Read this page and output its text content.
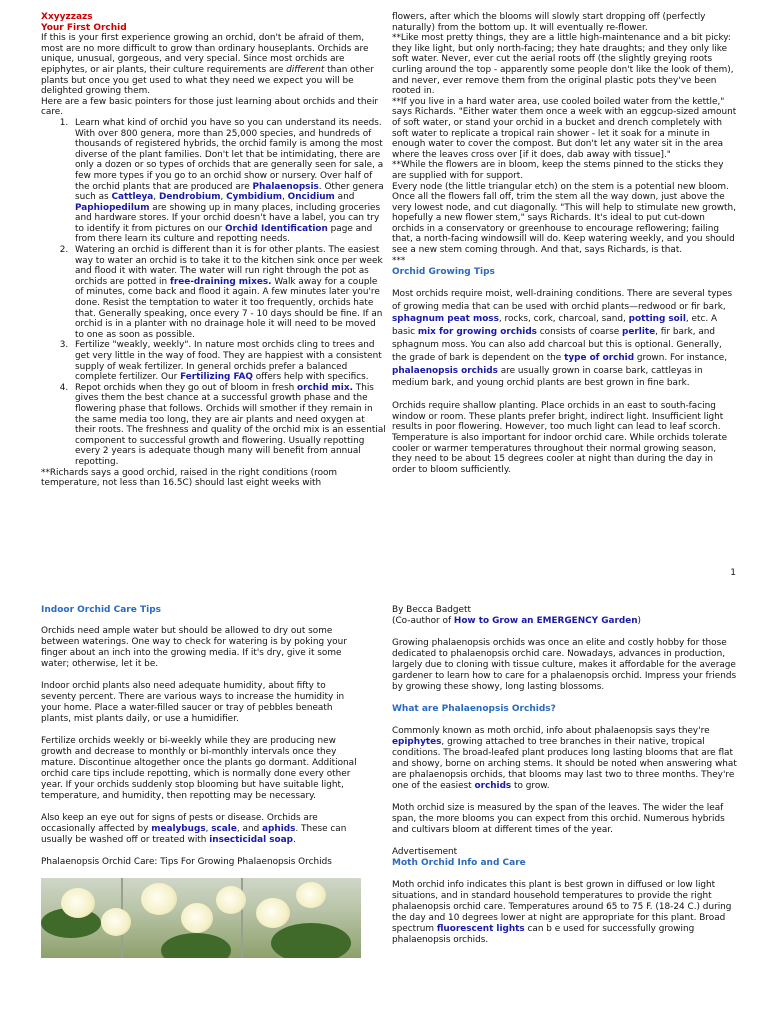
Xxyyzzazs
Your First Orchid

If this is your first experience growing an orchid, don't be afraid of them, most are no more difficult to grow than ordinary houseplants. Orchids are unique, unusual, gorgeous, and very special. Since most orchids are epiphytes, or air plants, their culture requirements are different than other plants but once you get used to what they need we expect you will be delighted growing them.

Here are a few basic pointers for those just learning about orchids and their care.

1. Learn what kind of orchid you have so you can understand its needs. With over 800 genera, more than 25,000 species, and hundreds of thousands of registered hybrids, the orchid family is among the most diverse of the plant families. Don't let that be intimidating, there are only a dozen or so types of orchids that are generally seen for sale, a few more types if you go to an orchid show or nursery. Over half of the orchid plants that are produced are Phalaenopsis. Other genera such as Cattleya, Dendrobium, Cymbidium, Oncidium and Paphiopedilum are showing up in many places, including groceries and hardware stores. If your orchid doesn't have a label, you can try to identify it from pictures on our Orchid Identification page and from there learn its culture and repotting needs.
2. Watering an orchid is different than it is for other plants. The easiest way to water an orchid is to take it to the kitchen sink once per week and flood it with water. The water will run right through the pot as orchids are potted in free-draining mixes. Walk away for a couple of minutes, come back and flood it again. A few minutes later you're done. Resist the temptation to water it too frequently, orchids hate that. Generally speaking, once every 7 - 10 days should be fine. If an orchid is in a planter with no drainage hole it will need to be moved to one as soon as possible.
3. Fertilize "weakly, weekly". In nature most orchids cling to trees and get very little in the way of food. They are happiest with a consistent supply of weak fertilizer. In general orchids prefer a balanced complete fertilizer. Our Fertilizing FAQ offers help with specifics.
4. Repot orchids when they go out of bloom in fresh orchid mix. This gives them the best chance at a successful growth phase and the flowering phase that follows. Orchids will smother if they remain in the same media too long, they are air plants and need oxygen at their roots. The freshness and quality of the orchid mix is an essential component to successful growth and flowering. Usually repotting every 2 years is adequate though many will benefit from annual repotting.

**Richards says a good orchid, raised in the right conditions (room temperature, not less than 16.5C) should last eight weeks with

flowers, after which the blooms will slowly start dropping off (perfectly naturally) from the bottom up. It will eventually re-flower.

**Like most pretty things, they are a little high-maintenance and a bit picky: they like light, but only north-facing; they hate draughts; and they only like soft water. Never, ever cut the aerial roots off (the slightly greying roots curling around the top - apparently some people don't like the look of them), and never, ever remove them from the original plastic pots they've been rooted in.

**If you live in a hard water area, use cooled boiled water from the kettle," says Richards. "Either water them once a week with an eggcup-sized amount of soft water, or stand your orchid in a bucket and drench completely with soft water to replicate a tropical rain shower - let it soak for a minute in enough water to cover the compost. But don't let any water sit in the area where the leaves cross over [if it does, dab away with tissue]."

**While the flowers are in bloom, keep the stems pinned to the sticks they are supplied with for support.

Every node (the little triangular etch) on the stem is a potential new bloom. Once all the flowers fall off, trim the stem all the way down, just above the very lowest node, and cut diagonally. "This will help to stimulate new growth, hopefully a new flower stem," says Richards. It's ideal to put cut-down orchids in a conservatory or greenhouse to encourage reflowering; failing that, a north-facing windowsill will do. Keep watering weekly, and you should see a new stem coming through. And that, says Richards, is that.

***

Orchid Growing Tips

Most orchids require moist, well-draining conditions. There are several types of growing media that can be used with orchid plants—redwood or fir bark, sphagnum peat moss, rocks, cork, charcoal, sand, potting soil, etc. A basic mix for growing orchids consists of coarse perlite, fir bark, and sphagnum moss. You can also add charcoal but this is optional. Generally, the grade of bark is dependent on the type of orchid grown. For instance, phalaenopsis orchids are usually grown in coarse bark, cattleyas in medium bark, and young orchid plants are best grown in fine bark.

Orchids require shallow planting. Place orchids in an east to south-facing window or room. These plants prefer bright, indirect light. Insufficient light results in poor flowering. However, too much light can lead to leaf scorch.

Temperature is also important for indoor orchid care. While orchids tolerate cooler or warmer temperatures throughout their normal growing season, they need to be about 15 degrees cooler at night than during the day in order to bloom sufficiently.

1
Indoor Orchid Care Tips

Orchids need ample water but should be allowed to dry out some between waterings. One way to check for watering is by poking your finger about an inch into the growing media. If it's dry, give it some water; otherwise, let it be.

Indoor orchid plants also need adequate humidity, about fifty to seventy percent. There are various ways to increase the humidity in your home. Place a water-filled saucer or tray of pebbles beneath plants, mist plants daily, or use a humidifier.

Fertilize orchids weekly or bi-weekly while they are producing new growth and decrease to monthly or bi-monthly intervals once they mature. Discontinue altogether once the plants go dormant. Additional orchid care tips include repotting, which is normally done every other year. If your orchids suddenly stop blooming but have suitable light, temperature, and humidity, then repotting may be necessary.

Also keep an eye out for signs of pests or disease. Orchids are occasionally affected by mealybugs, scale, and aphids. These can usually be washed off or treated with insecticidal soap.

Phalaenopsis Orchid Care: Tips For Growing Phalaenopsis Orchids

By Becca Badgett

(Co-author of How to Grow an EMERGENCY Garden)

Growing phalaenopsis orchids was once an elite and costly hobby for those dedicated to phalaenopsis orchid care. Nowadays, advances in production, largely due to cloning with tissue culture, makes it affordable for the average gardener to learn how to care for a phalaenopsis orchid. Impress your friends by growing these showy, long lasting blossoms.

What are Phalaenopsis Orchids?

Commonly known as moth orchid, info about phalaenopsis says they're epiphytes, growing attached to tree branches in their native, tropical conditions. The broad-leafed plant produces long lasting blooms that are flat and showy, borne on arching stems. It should be noted when answering what are phalaenopsis orchids, that blooms may last two to three months. They're one of the easiest orchids to grow.

Moth orchid size is measured by the span of the leaves. The wider the leaf span, the more blooms you can expect from this orchid. Numerous hybrids and cultivars bloom at different times of the year.

Advertisement

Moth Orchid Info and Care

Moth orchid info indicates this plant is best grown in diffused or low light situations, and in standard household temperatures to provide the right phalaenopsis orchid care. Temperatures around 65 to 75 F. (18-24 C.) during the day and 10 degrees lower at night are appropriate for this plant. Broad spectrum fluorescent lights can b e used for successfully growing phalaenopsis orchids.
